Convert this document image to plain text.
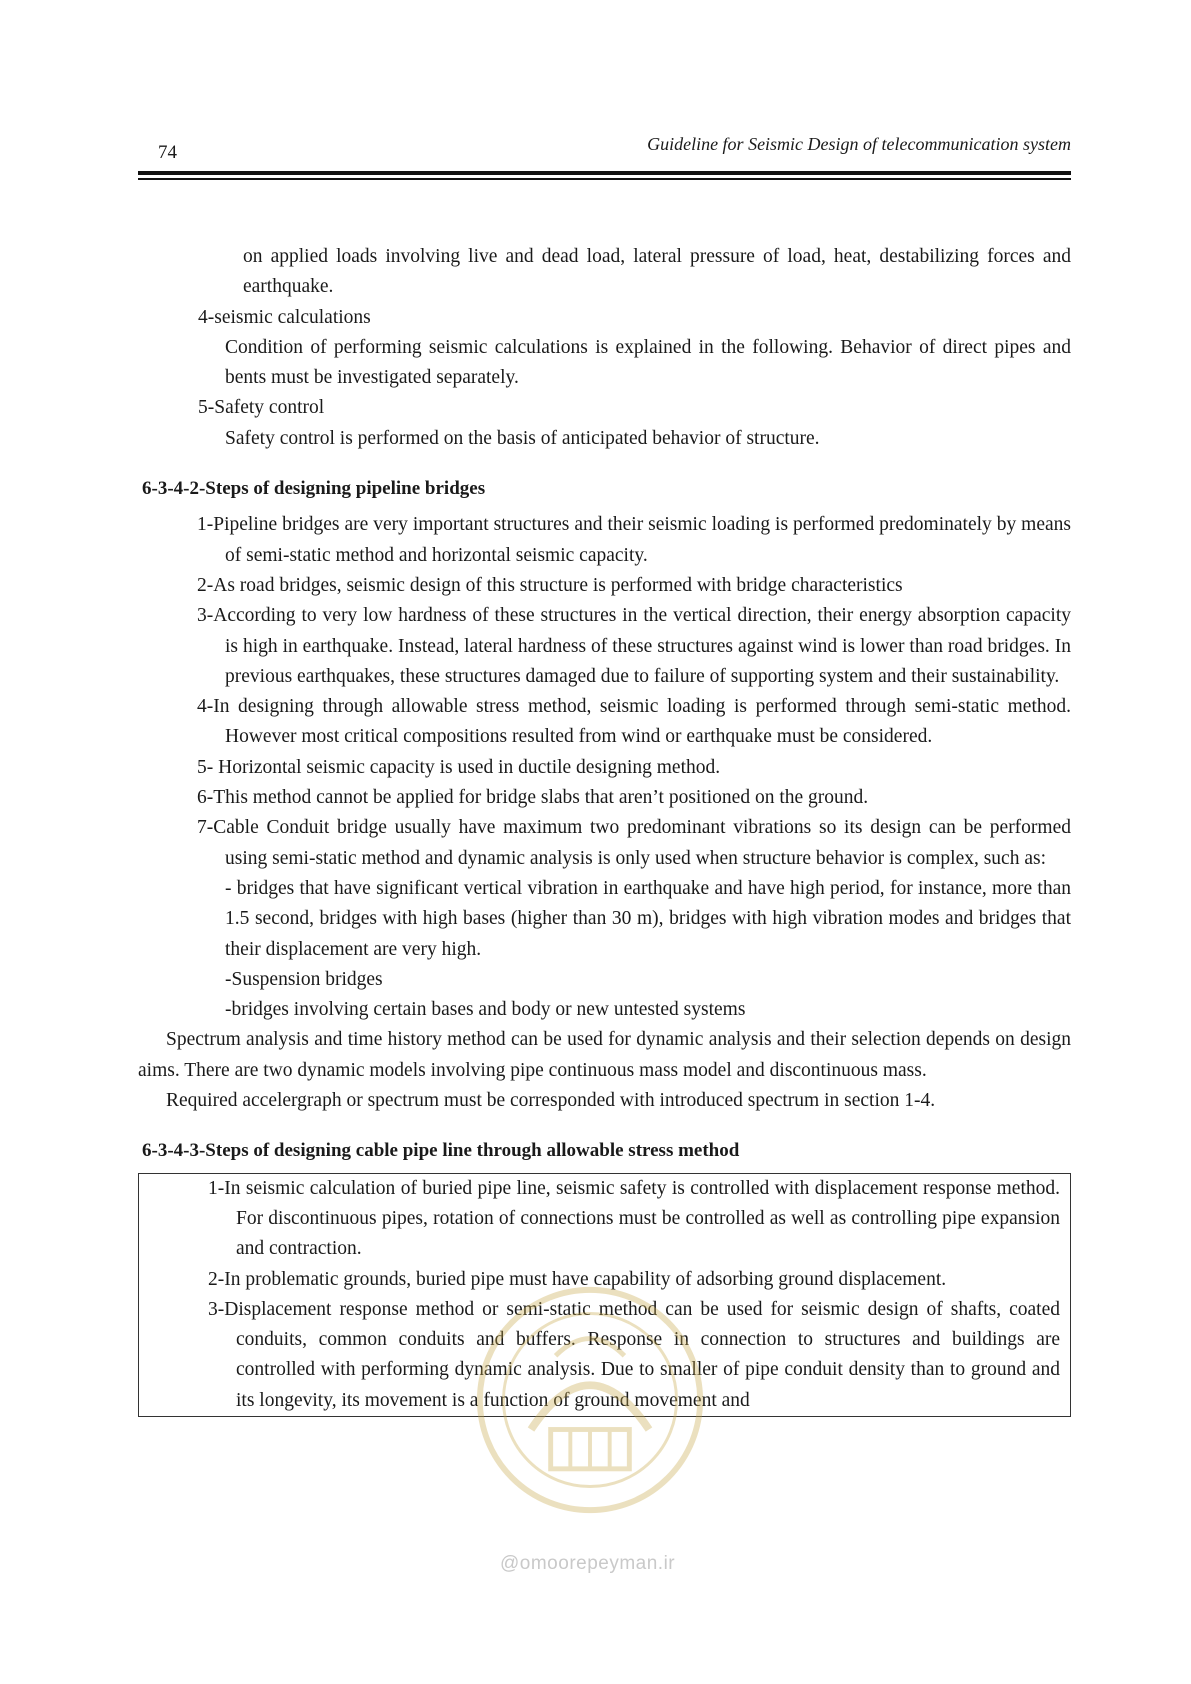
74	Guideline for Seismic Design of telecommunication system

on applied loads involving live and dead load, lateral pressure of load, heat, destabilizing forces and earthquake.

4-seismic calculations

Condition of performing seismic calculations is explained in the following. Behavior of direct pipes and bents must be investigated separately.

5-Safety control

Safety control is performed on the basis of anticipated behavior of structure.

6-3-4-2-Steps of designing pipeline bridges

1-Pipeline bridges are very important structures and their seismic loading is performed predominately by means of semi-static method and horizontal seismic capacity.

2-As road bridges, seismic design of this structure is performed with bridge characteristics

3-According to very low hardness of these structures in the vertical direction, their energy absorption capacity is high in earthquake. Instead, lateral hardness of these structures against wind is lower than road bridges. In previous earthquakes, these structures damaged due to failure of supporting system and their sustainability.

4-In designing through allowable stress method, seismic loading is performed through semi-static method. However most critical compositions resulted from wind or earthquake must be considered.

5- Horizontal seismic capacity is used in ductile designing method.

6-This method cannot be applied for bridge slabs that aren’t positioned on the ground.

7-Cable Conduit bridge usually have maximum two predominant vibrations so its design can be performed using semi-static method and dynamic analysis is only used when structure behavior is complex, such as:

- bridges that have significant vertical vibration in earthquake and have high period, for instance, more than 1.5 second, bridges with high bases (higher than 30 m), bridges with high vibration modes and bridges that their displacement are very high.

-Suspension bridges

-bridges involving certain bases and body or new untested systems

Spectrum analysis and time history method can be used for dynamic analysis and their selection depends on design aims. There are two dynamic models involving pipe continuous mass model and discontinuous mass.

Required accelergraph or spectrum must be corresponded with introduced spectrum in section 1-4.

6-3-4-3-Steps of designing cable pipe line through allowable stress method

1-In seismic calculation of buried pipe line, seismic safety is controlled with displacement response method. For discontinuous pipes, rotation of connections must be controlled as well as controlling pipe expansion and contraction.

2-In problematic grounds, buried pipe must have capability of adsorbing ground displacement.

3-Displacement response method or semi-static method can be used for seismic design of shafts, coated conduits, common conduits and buffers. Response in connection to structures and buildings are controlled with performing dynamic analysis. Due to smaller of pipe conduit density than to ground and its longevity, its movement is a function of ground movement and

@omoorepeyman.ir
